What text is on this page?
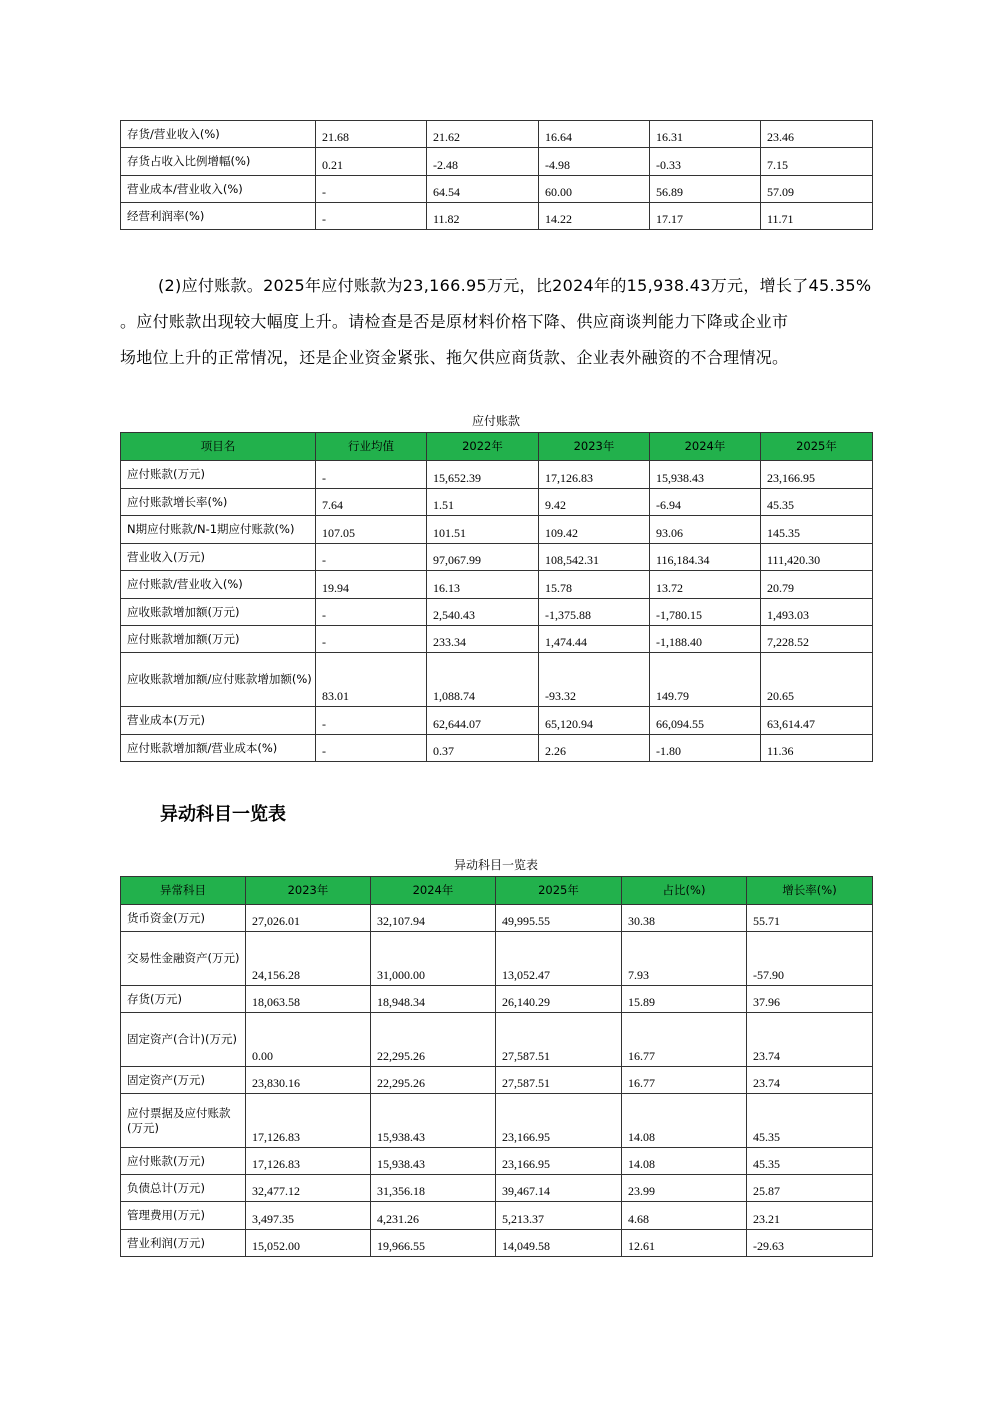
存货/营业收入(%)	21.68	21.62	16.64	16.31	23.46
存货占收入比例增幅(%)	0.21	-2.48	-4.98	-0.33	7.15
营业成本/营业收入(%)	-	64.54	60.00	56.89	57.09
经营利润率(%)	-	11.82	14.22	17.17	11.71
(2)应付账款。2025年应付账款为23,166.95万元，比2024年的15,938.43万元，增长了45.35%
。应付账款出现较大幅度上升。请检查是否是原材料价格下降、供应商谈判能力下降或企业市
场地位上升的正常情况，还是企业资金紧张、拖欠供应商货款、企业表外融资的不合理情况。
应付账款
项目名	行业均值	2022年	2023年	2024年	2025年
应付账款(万元)	-	15,652.39	17,126.83	15,938.43	23,166.95
应付账款增长率(%)	7.64	1.51	9.42	-6.94	45.35
N期应付账款/N-1期应付账款(%)	107.05	101.51	109.42	93.06	145.35
营业收入(万元)	-	97,067.99	108,542.31	116,184.34	111,420.30
应付账款/营业收入(%)	19.94	16.13	15.78	13.72	20.79
应收账款增加额(万元)	-	2,540.43	-1,375.88	-1,780.15	1,493.03
应付账款增加额(万元)	-	233.34	1,474.44	-1,188.40	7,228.52
应收账款增加额/应付账款增加额(%)	83.01	1,088.74	-93.32	149.79	20.65
营业成本(万元)	-	62,644.07	65,120.94	66,094.55	63,614.47
应付账款增加额/营业成本(%)	-	0.37	2.26	-1.80	11.36
异动科目一览表
异动科目一览表
异常科目	2023年	2024年	2025年	占比(%)	增长率(%)
货币资金(万元)	27,026.01	32,107.94	49,995.55	30.38	55.71
交易性金融资产(万元)	24,156.28	31,000.00	13,052.47	7.93	-57.90
存货(万元)	18,063.58	18,948.34	26,140.29	15.89	37.96
固定资产(合计)(万元)	0.00	22,295.26	27,587.51	16.77	23.74
固定资产(万元)	23,830.16	22,295.26	27,587.51	16.77	23.74
应付票据及应付账款(万元)	17,126.83	15,938.43	23,166.95	14.08	45.35
应付账款(万元)	17,126.83	15,938.43	23,166.95	14.08	45.35
负债总计(万元)	32,477.12	31,356.18	39,467.14	23.99	25.87
管理费用(万元)	3,497.35	4,231.26	5,213.37	4.68	23.21
营业利润(万元)	15,052.00	19,966.55	14,049.58	12.61	-29.63
